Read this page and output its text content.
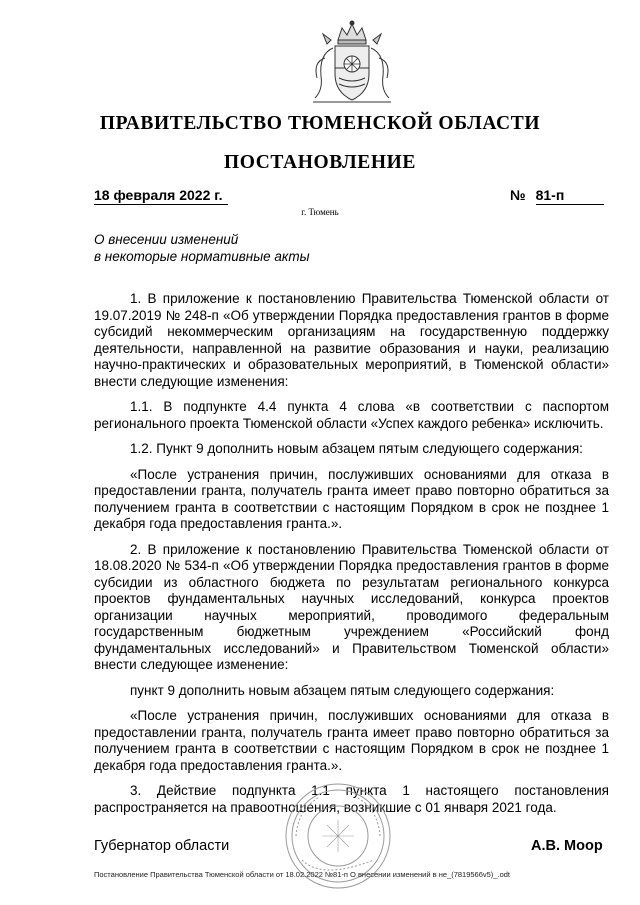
ПРАВИТЕЛЬСТВО ТЮМЕНСКОЙ ОБЛАСТИ
ПОСТАНОВЛЕНИЕ
18 февраля 2022 г.	№ 81-п
г. Тюмень
О внесении изменений
в некоторые нормативные акты

1. В приложение к постановлению Правительства Тюменской области от 19.07.2019 № 248-п «Об утверждении Порядка предоставления грантов в форме субсидий некоммерческим организациям на государственную поддержку деятельности, направленной на развитие образования и науки, реализацию научно-практических и образовательных мероприятий, в Тюменской области» внести следующие изменения:

1.1. В подпункте 4.4 пункта 4 слова «в соответствии с паспортом регионального проекта Тюменской области «Успех каждого ребенка» исключить.

1.2. Пункт 9 дополнить новым абзацем пятым следующего содержания:

«После устранения причин, послуживших основаниями для отказа в предоставлении гранта, получатель гранта имеет право повторно обратиться за получением гранта в соответствии с настоящим Порядком в срок не позднее 1 декабря года предоставления гранта.».

2. В приложение к постановлению Правительства Тюменской области от 18.08.2020 № 534-п «Об утверждении Порядка предоставления грантов в форме субсидии из областного бюджета по результатам регионального конкурса проектов фундаментальных научных исследований, конкурса проектов организации научных мероприятий, проводимого федеральным государственным бюджетным учреждением «Российский фонд фундаментальных исследований» и Правительством Тюменской области» внести следующее изменение:

пункт 9 дополнить новым абзацем пятым следующего содержания:

«После устранения причин, послуживших основаниями для отказа в предоставлении гранта, получатель гранта имеет право повторно обратиться за получением гранта в соответствии с настоящим Порядком в срок не позднее 1 декабря года предоставления гранта.».

3. Действие подпункта 1.1 пункта 1 настоящего постановления распространяется на правоотношения, возникшие с 01 января 2021 года.

Губернатор области	А.В. Моор
Постановление Правительства Тюменской области от 18.02.2022 №81-п О внесении изменений в не_(7819566v5)_.odt
